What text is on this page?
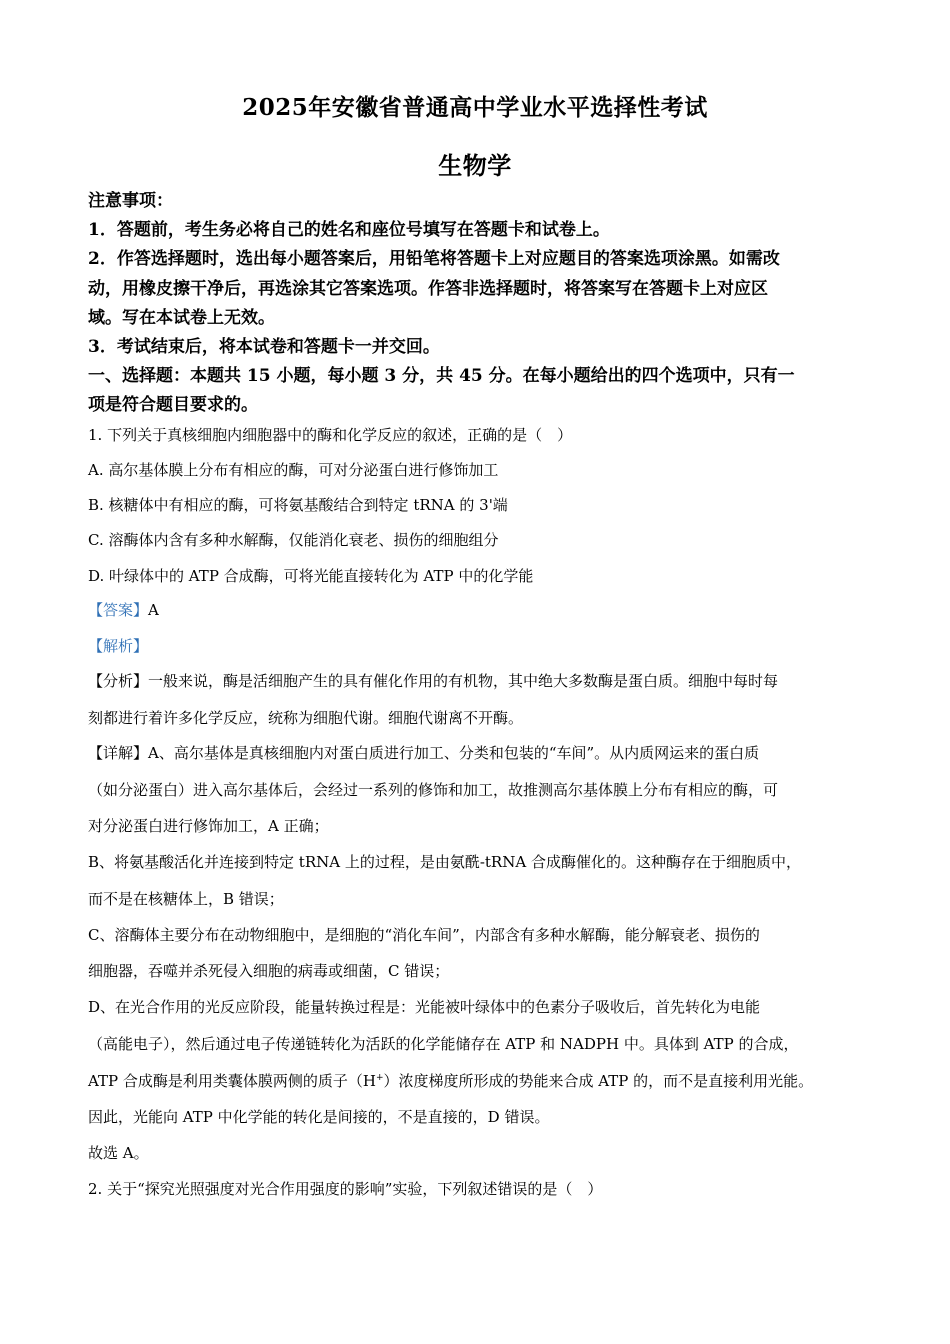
2025年安徽省普通高中学业水平选择性考试
生物学
注意事项：
1．答题前，考生务必将自己的姓名和座位号填写在答题卡和试卷上。
2．作答选择题时，选出每小题答案后，用铅笔将答题卡上对应题目的答案选项涂黑。如需改
动，用橡皮擦干净后，再选涂其它答案选项。作答非选择题时，将答案写在答题卡上对应区
域。写在本试卷上无效。
3．考试结束后，将本试卷和答题卡一并交回。
一、选择题：本题共 15 小题，每小题 3 分，共 45 分。在每小题给出的四个选项中，只有一
项是符合题目要求的。
1. 下列关于真核细胞内细胞器中的酶和化学反应的叙述，正确的是（　）
A. 高尔基体膜上分布有相应的酶，可对分泌蛋白进行修饰加工
B. 核糖体中有相应的酶，可将氨基酸结合到特定 tRNA 的 3'端
C. 溶酶体内含有多种水解酶，仅能消化衰老、损伤的细胞组分
D. 叶绿体中的 ATP 合成酶，可将光能直接转化为 ATP 中的化学能
【答案】A
【解析】
【分析】一般来说，酶是活细胞产生的具有催化作用的有机物，其中绝大多数酶是蛋白质。细胞中每时每
刻都进行着许多化学反应，统称为细胞代谢。细胞代谢离不开酶。
【详解】A、高尔基体是真核细胞内对蛋白质进行加工、分类和包装的“车间”。从内质网运来的蛋白质
（如分泌蛋白）进入高尔基体后，会经过一系列的修饰和加工，故推测高尔基体膜上分布有相应的酶，可
对分泌蛋白进行修饰加工，A 正确；
B、将氨基酸活化并连接到特定 tRNA 上的过程，是由氨酰-tRNA 合成酶催化的。这种酶存在于细胞质中，
而不是在核糖体上，B 错误；
C、溶酶体主要分布在动物细胞中，是细胞的“消化车间”，内部含有多种水解酶，能分解衰老、损伤的
细胞器，吞噬并杀死侵入细胞的病毒或细菌，C 错误；
D、在光合作用的光反应阶段，能量转换过程是：光能被叶绿体中的色素分子吸收后，首先转化为电能
（高能电子），然后通过电子传递链转化为活跃的化学能储存在 ATP 和 NADPH 中。具体到 ATP 的合成，
ATP 合成酶是利用类囊体膜两侧的质子（H+）浓度梯度所形成的势能来合成 ATP 的，而不是直接利用光能。
因此，光能向 ATP 中化学能的转化是间接的，不是直接的，D 错误。
故选 A。
2. 关于“探究光照强度对光合作用强度的影响”实验，下列叙述错误的是（　）
